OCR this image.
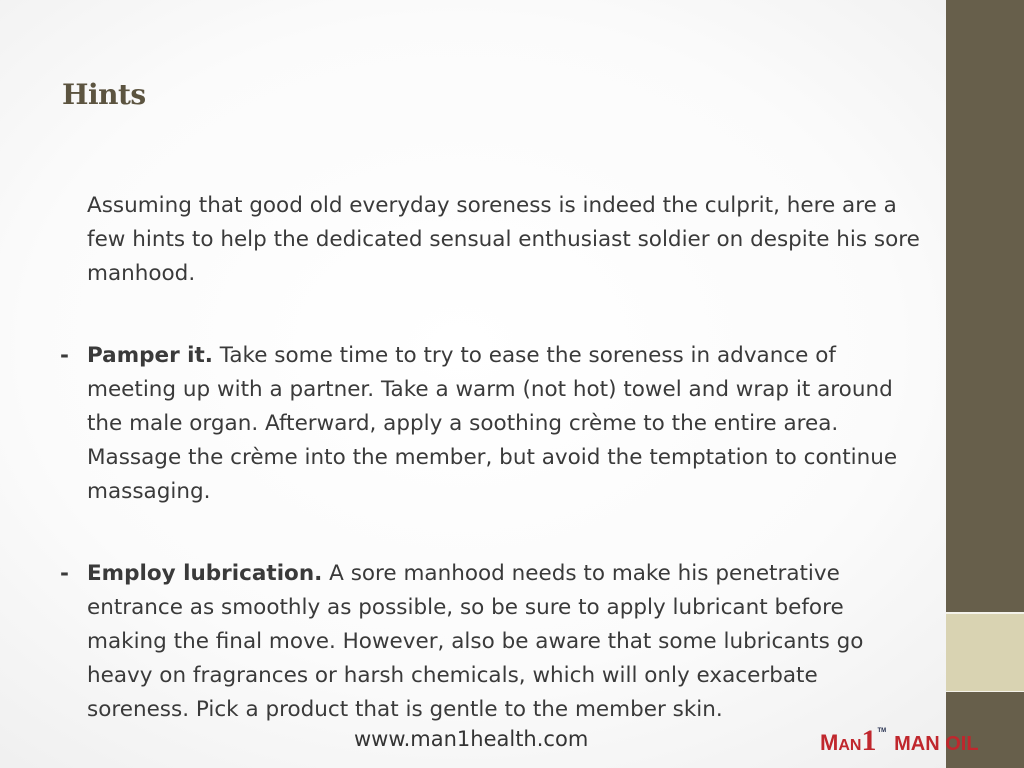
Hints

Assuming that good old everyday soreness is indeed the culprit, here are a few hints to help the dedicated sensual enthusiast soldier on despite his sore manhood.

- Pamper it. Take some time to try to ease the soreness in advance of meeting up with a partner. Take a warm (not hot) towel and wrap it around the male organ. Afterward, apply a soothing crème to the entire area. Massage the crème into the member, but avoid the temptation to continue massaging.

- Employ lubrication. A sore manhood needs to make his penetrative entrance as smoothly as possible, so be sure to apply lubricant before making the final move. However, also be aware that some lubricants go heavy on fragrances or harsh chemicals, which will only exacerbate soreness. Pick a product that is gentle to the member skin.

www.man1health.com	M AN 1 TM
MAN OIL
